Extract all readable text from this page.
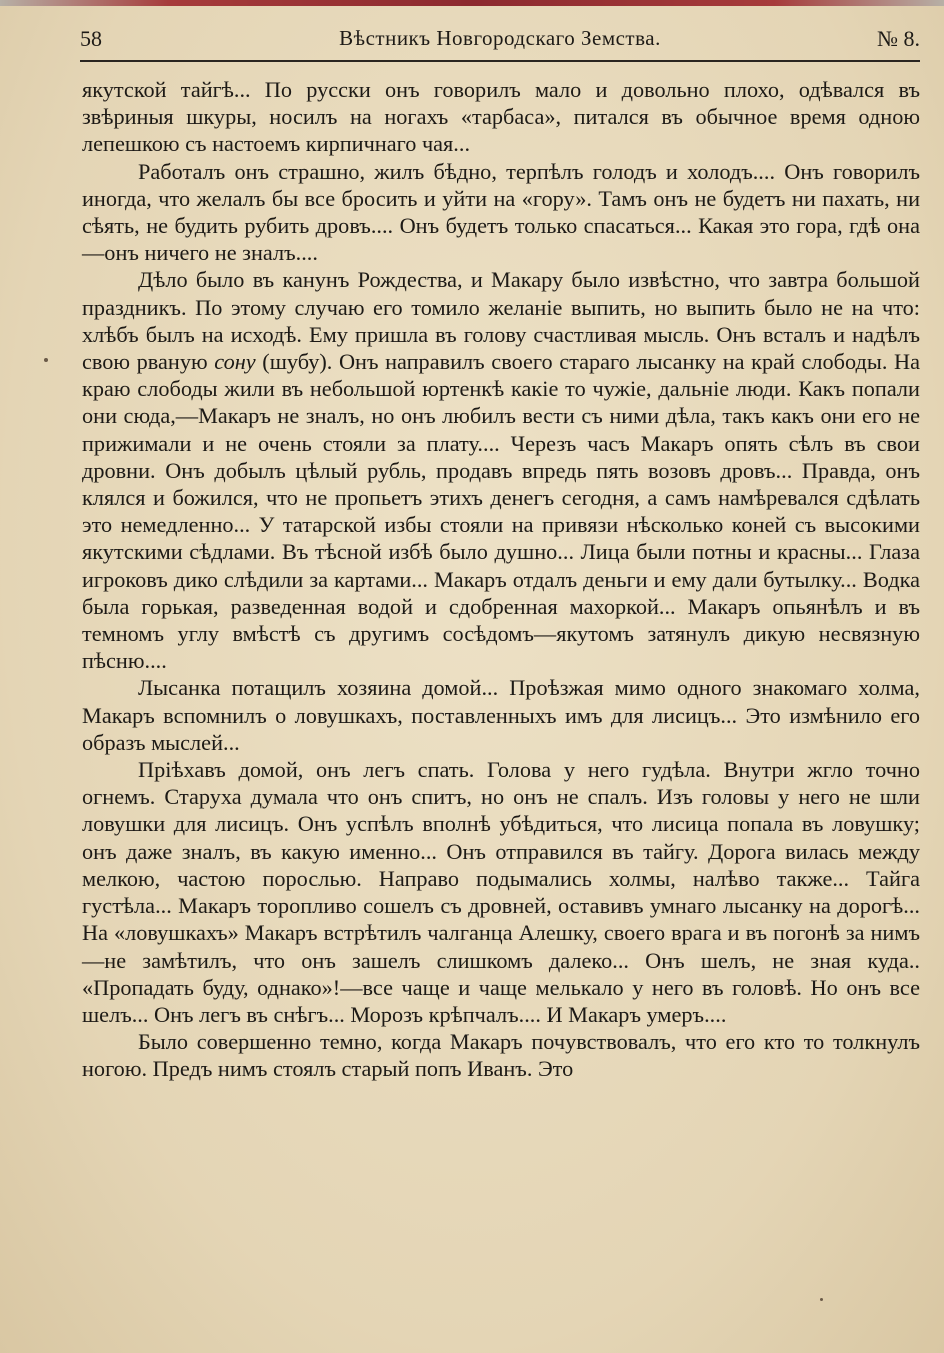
58	Вѣстникъ Новгородскаго Земства.	№ 8.

якутской тайгѣ... По русски онъ говорилъ мало и довольно плохо, одѣвался въ звѣриныя шкуры, носилъ на ногахъ «тарбаса», питался въ обычное время одною лепешкою съ настоемъ кирпичнаго чая...

Работалъ онъ страшно, жилъ бѣдно, терпѣлъ голодъ и холодъ.... Онъ говорилъ иногда, что желалъ бы все бросить и уйти на «гору». Тамъ онъ не будетъ ни пахать, ни сѣять, не будить рубить дровъ.... Онъ будетъ только спасаться... Какая это гора, гдѣ она—онъ ничего не зналъ....

Дѣло было въ канунъ Рождества, и Макару было извѣстно, что завтра большой праздникъ. По этому случаю его томило желаніе выпить, но выпить было не на что: хлѣбъ былъ на исходѣ. Ему пришла въ голову счастливая мысль. Онъ всталъ и надѣлъ свою рваную сону (шубу). Онъ направилъ своего стараго лысанку на край слободы. На краю слободы жили въ небольшой юртенкѣ какіе то чужіе, дальніе люди. Какъ попали они сюда,—Макаръ не зналъ, но онъ любилъ вести съ ними дѣла, такъ какъ они его не прижимали и не очень стояли за плату.... Черезъ часъ Макаръ опять сѣлъ въ свои дровни. Онъ добылъ цѣлый рубль, продавъ впредь пять возовъ дровъ... Правда, онъ клялся и божился, что не пропьетъ этихъ денегъ сегодня, а самъ намѣревался сдѣлать это немедленно... У татарской избы стояли на привязи нѣсколько коней съ высокими якутскими сѣдлами. Въ тѣсной избѣ было душно... Лица были потны и красны... Глаза игроковъ дико слѣдили за картами... Макаръ отдалъ деньги и ему дали бутылку... Водка была горькая, разведенная водой и сдобренная махоркой... Макаръ опьянѣлъ и въ темномъ углу вмѣстѣ съ другимъ сосѣдомъ—якутомъ затянулъ дикую несвязную пѣсню....

Лысанка потащилъ хозяина домой... Проѣзжая мимо одного знакомаго холма, Макаръ вспомнилъ о ловушкахъ, поставленныхъ имъ для лисицъ... Это измѣнило его образъ мыслей...

Пріѣхавъ домой, онъ легъ спать. Голова у него гудѣла. Внутри жгло точно огнемъ. Старуха думала что онъ спитъ, но онъ не спалъ. Изъ головы у него не шли ловушки для лисицъ. Онъ успѣлъ вполнѣ убѣдиться, что лисица попала въ ловушку; онъ даже зналъ, въ какую именно... Онъ отправился въ тайгу. Дорога вилась между мелкою, частою порослью. Направо подымались холмы, налѣво также... Тайга густѣла... Макаръ торопливо сошелъ съ дровней, оставивъ умнаго лысанку на дорогѣ... На «ловушкахъ» Макаръ встрѣтилъ чалганца Алешку, своего врага и въ погонѣ за нимъ—не замѣтилъ, что онъ зашелъ слишкомъ далеко... Онъ шелъ, не зная куда.. «Пропадать буду, однако»!—все чаще и чаще мелькало у него въ головѣ. Но онъ все шелъ... Онъ легъ въ снѣгъ... Морозъ крѣпчалъ.... И Макаръ умеръ....

Было совершенно темно, когда Макаръ почувствовалъ, что его кто то толкнулъ ногою. Предъ нимъ стоялъ старый попъ Иванъ. Это
